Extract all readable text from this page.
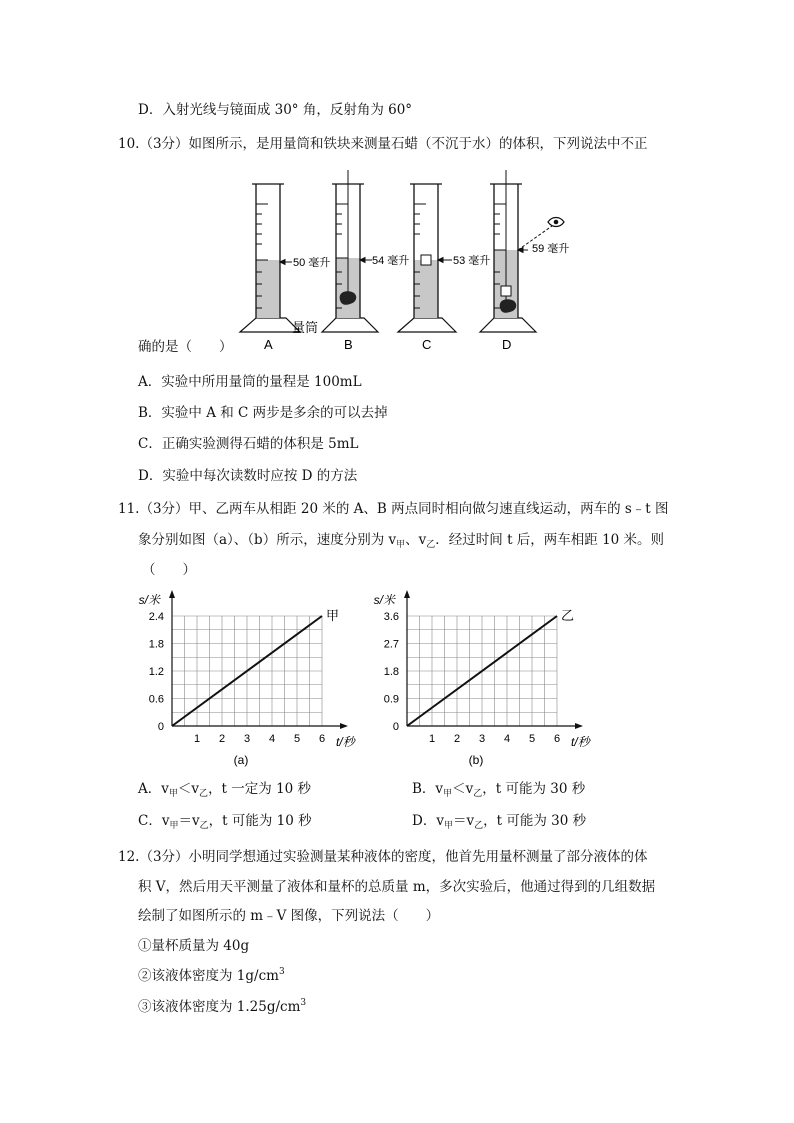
D．入射光线与镜面成 30° 角，反射角为 60°
10.（3分）如图所示，是用量筒和铁块来测量石蜡（不沉于水）的体积，下列说法中不正
50 毫升	54 毫升	53 毫升
59 毫升
量筒
A	B	C	D
确的是（　　）
A．实验中所用量筒的量程是 100mL
B．实验中 A 和 C 两步是多余的可以去掉
C．正确实验测得石蜡的体积是 5mL
D．实验中每次读数时应按 D 的方法
11.（3分）甲、乙两车从相距 20 米的 A、B 两点同时相向做匀速直线运动，两车的 s﹣t 图
象分别如图（a）、（b）所示，速度分别为 $v_甲$、$v_乙$．经过时间 t 后，两车相距 10 米。则
（　　）
1 2 3 4 5 6
0
0.6
1.2
1.8
2.4
s/米
t/秒
甲
(a)
1 2 3 4 5 6
0
0.9
1.8
2.7
3.6
s/米
t/秒
乙
(b)
A．$v_甲<v_乙$，t 一定为 10 秒	B．$v_甲<v_乙$，t 可能为 30 秒
C．$v_甲=v_乙$，t 可能为 10 秒	D．$v_甲=v_乙$，t 可能为 30 秒
12.（3分）小明同学想通过实验测量某种液体的密度，他首先用量杯测量了部分液体的体
积 V，然后用天平测量了液体和量杯的总质量 m，多次实验后，他通过得到的几组数据
绘制了如图所示的 m﹣V 图像，下列说法（　　）
①量杯质量为 40g
②该液体密度为 $1g/cm^3$
③该液体密度为 $1.25g/cm^3$
